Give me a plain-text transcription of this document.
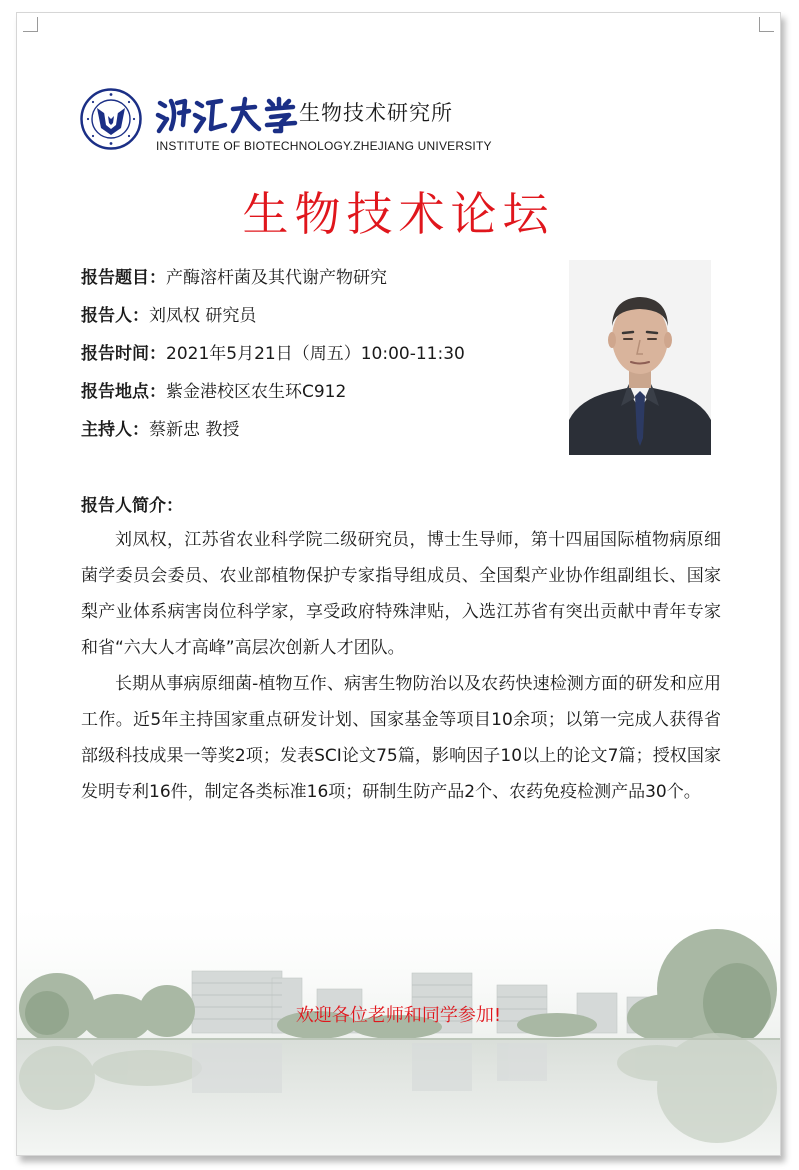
生物技术研究所
INSTITUTE OF BIOTECHNOLOGY.ZHEJIANG UNIVERSITY
生物技术论坛
报告题目：产酶溶杆菌及其代谢产物研究
报告人：刘凤权 研究员
报告时间：2021年5月21日（周五）10:00-11:30
报告地点：紫金港校区农生环C912
主持人：蔡新忠 教授
报告人简介：

刘凤权，江苏省农业科学院二级研究员，博士生导师，第十四届国际植物病原细菌学委员会委员、农业部植物保护专家指导组成员、全国梨产业协作组副组长、国家梨产业体系病害岗位科学家，享受政府特殊津贴，入选江苏省有突出贡献中青年专家和省“六大人才高峰”高层次创新人才团队。

长期从事病原细菌-植物互作、病害生物防治以及农药快速检测方面的研发和应用工作。近5年主持国家重点研发计划、国家基金等项目10余项；以第一完成人获得省部级科技成果一等奖2项；发表SCI论文75篇，影响因子10以上的论文7篇；授权国家发明专利16件，制定各类标准16项；研制生防产品2个、农药免疫检测产品30个。

欢迎各位老师和同学参加!
